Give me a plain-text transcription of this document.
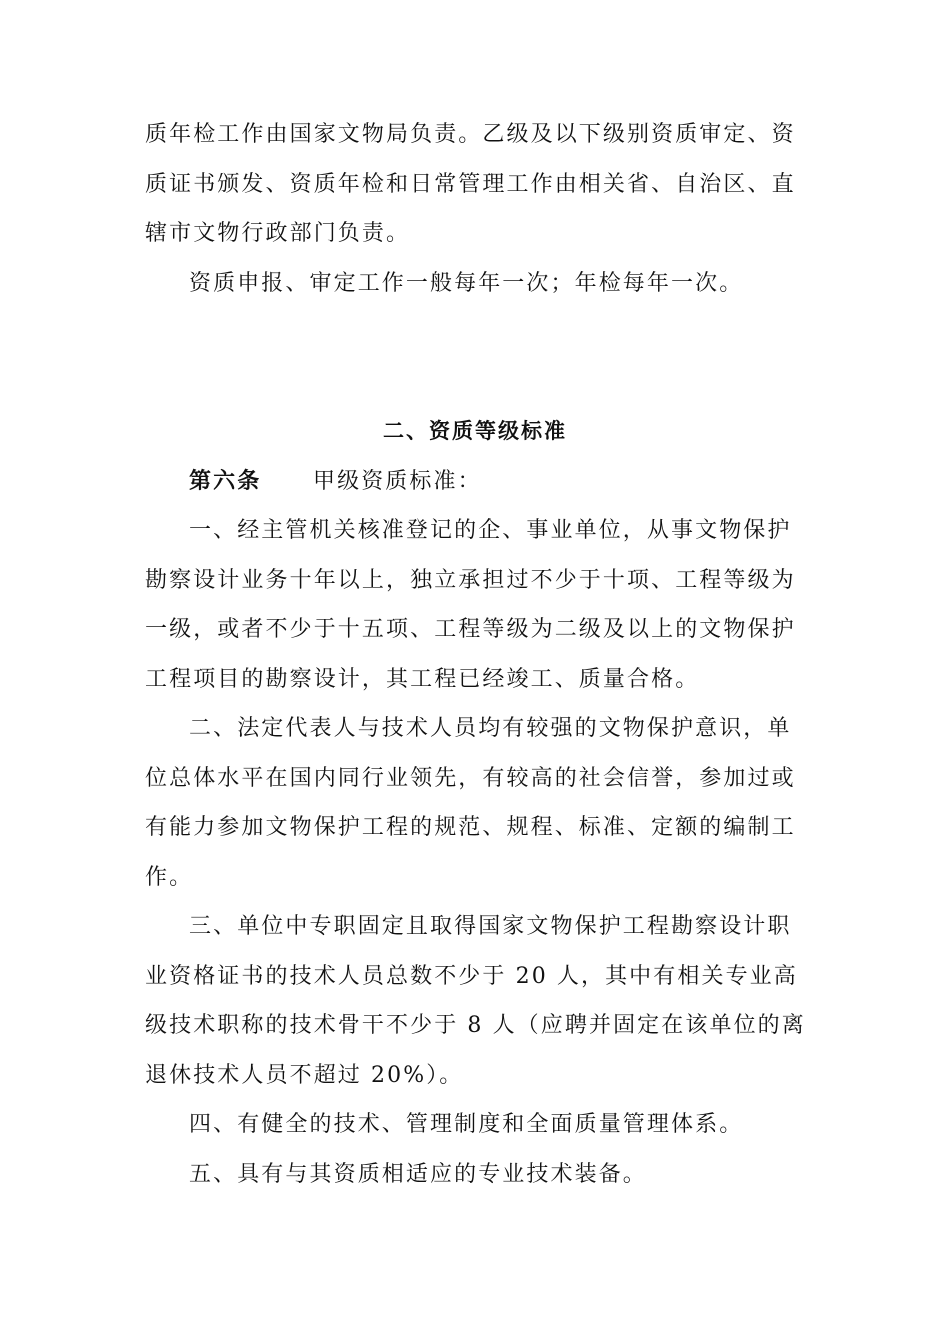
质年检工作由国家文物局负责。乙级及以下级别资质审定、资
质证书颁发、资质年检和日常管理工作由相关省、自治区、直
辖市文物行政部门负责。
资质申报、审定工作一般每年一次；年检每年一次。
二、资质等级标准
第六条 甲级资质标准：
一、经主管机关核准登记的企、事业单位，从事文物保护
勘察设计业务十年以上，独立承担过不少于十项、工程等级为
一级，或者不少于十五项、工程等级为二级及以上的文物保护
工程项目的勘察设计，其工程已经竣工、质量合格。
二、法定代表人与技术人员均有较强的文物保护意识，单
位总体水平在国内同行业领先，有较高的社会信誉，参加过或
有能力参加文物保护工程的规范、规程、标准、定额的编制工
作。
三、单位中专职固定且取得国家文物保护工程勘察设计职
业资格证书的技术人员总数不少于 20 人，其中有相关专业高
级技术职称的技术骨干不少于 8 人（应聘并固定在该单位的离
退休技术人员不超过 20%）。
四、有健全的技术、管理制度和全面质量管理体系。
五、具有与其资质相适应的专业技术装备。
